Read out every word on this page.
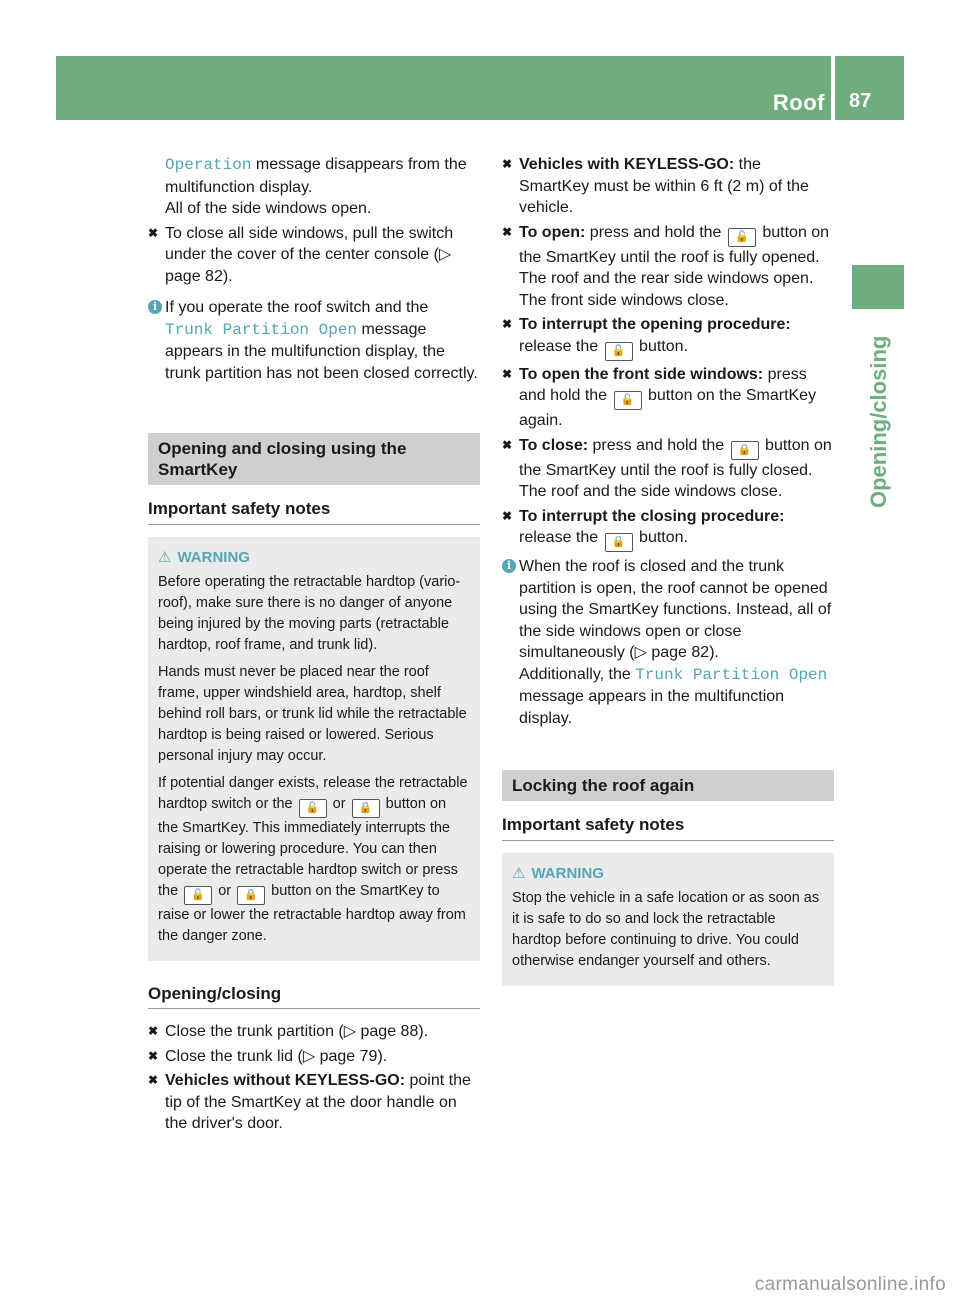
Roof 87
Opening/closing
Operation message disappears from the multifunction display.
All of the side windows open.
✖ To close all side windows, pull the switch under the cover of the center console (▷ page 82).
i If you operate the roof switch and the Trunk Partition Open message appears in the multifunction display, the trunk partition has not been closed correctly.
Opening and closing using the SmartKey
Important safety notes
⚠ WARNING

Before operating the retractable hardtop (vario-roof), make sure there is no danger of anyone being injured by the moving parts (retractable hardtop, roof frame, and trunk lid).

Hands must never be placed near the roof frame, upper windshield area, hardtop, shelf behind roll bars, or trunk lid while the retractable hardtop is being raised or lowered. Serious personal injury may occur.

If potential danger exists, release the retractable hardtop switch or the 🔓 or 🔒 button on the SmartKey. This immediately interrupts the raising or lowering procedure. You can then operate the retractable hardtop switch or press the 🔓 or 🔒 button on the SmartKey to raise or lower the retractable hardtop away from the danger zone.

Opening/closing
✖ Close the trunk partition (▷ page 88).
✖ Close the trunk lid (▷ page 79).
✖ Vehicles without KEYLESS-GO: point the tip of the SmartKey at the door handle on the driver's door.
✖ Vehicles with KEYLESS-GO: the SmartKey must be within 6 ft (2 m) of the vehicle.
✖ To open: press and hold the 🔓 button on the SmartKey until the roof is fully opened.
The roof and the rear side windows open.
The front side windows close.
✖ To interrupt the opening procedure: release the 🔓 button.
✖ To open the front side windows: press and hold the 🔓 button on the SmartKey again.
✖ To close: press and hold the 🔒 button on the SmartKey until the roof is fully closed.
The roof and the side windows close.
✖ To interrupt the closing procedure: release the 🔒 button.
i When the roof is closed and the trunk partition is open, the roof cannot be opened using the SmartKey functions. Instead, all of the side windows open or close simultaneously (▷ page 82).
Additionally, the Trunk Partition Open message appears in the multifunction display.
Locking the roof again
Important safety notes
⚠ WARNING

Stop the vehicle in a safe location or as soon as it is safe to do so and lock the retractable hardtop before continuing to drive. You could otherwise endanger yourself and others.

carmanualsonline.info
